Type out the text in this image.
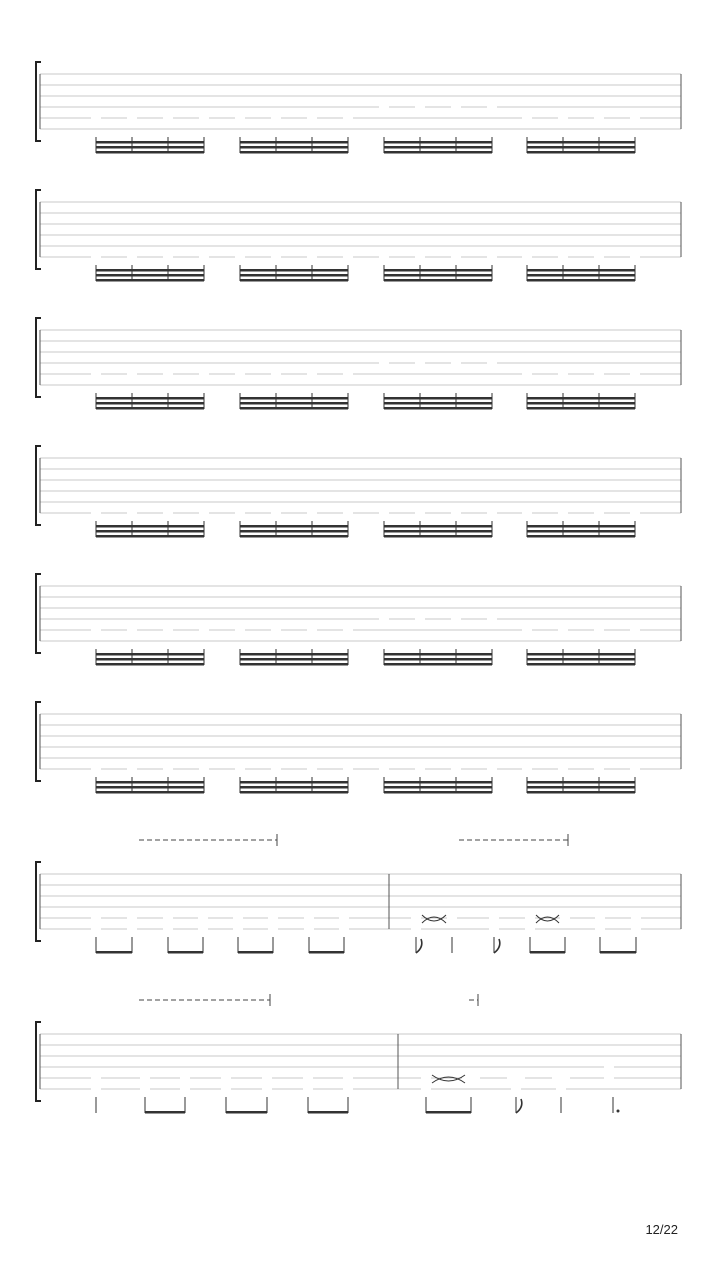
12/22
